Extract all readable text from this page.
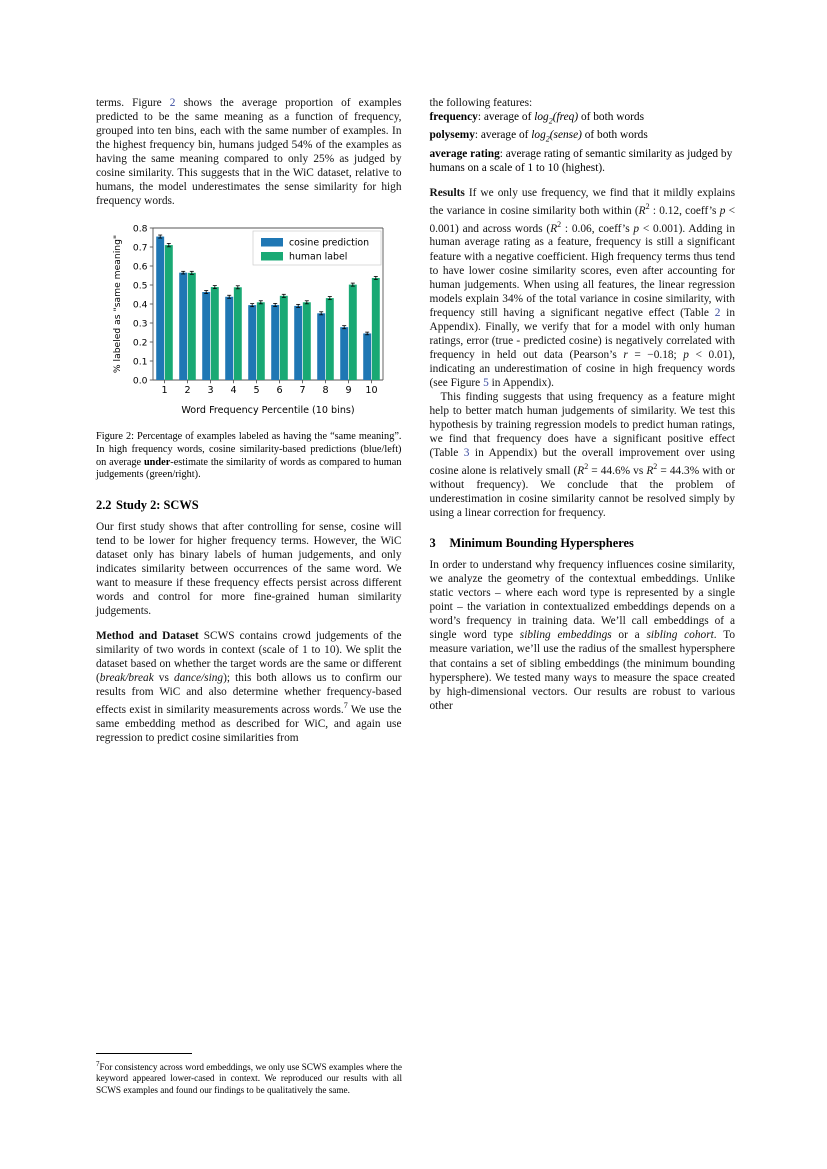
terms. Figure 2 shows the average proportion of examples predicted to be the same meaning as a function of frequency, grouped into ten bins, each with the same number of examples. In the highest frequency bin, humans judged 54% of the examples as having the same meaning compared to only 25% as judged by cosine similarity. This suggests that in the WiC dataset, relative to humans, the model underestimates the sense similarity for high frequency words.

0.0
0.1
0.2
0.3
0.4
0.5
0.6
0.7
0.8
% labeled as "same meaning"
1 2 3 4 5 6 7 8 9 10
Word Frequency Percentile (10 bins)
cosine prediction
human label
Figure 2: Percentage of examples labeled as having the “same meaning”. In high frequency words, cosine similarity-based predictions (blue/left) on average under-estimate the similarity of words as compared to human judgements (green/right).
2.2 Study 2: SCWS

Our first study shows that after controlling for sense, cosine will tend to be lower for higher frequency terms. However, the WiC dataset only has binary labels of human judgements, and only indicates similarity between occurrences of the same word. We want to measure if these frequency effects persist across different words and control for more fine-grained human similarity judgements.

Method and Dataset SCWS contains crowd judgements of the similarity of two words in context (scale of 1 to 10). We split the dataset based on whether the target words are the same or different (break/break vs dance/sing); this both allows us to confirm our results from WiC and also determine whether frequency-based effects exist in similarity measurements across words.$^7$ We use the same embedding method as described for WiC, and again use regression to predict cosine similarities from

$^7$For consistency across word embeddings, we only use SCWS examples where the keyword appeared lower-cased in context. We reproduced our results with all SCWS examples and found our findings to be qualitatively the same.
the following features:
frequency: average of $\log_2(freq)$ of both words
polysemy: average of $\log_2(sense)$ of both words
average rating: average rating of semantic similarity as judged by humans on a scale of 1 to 10 (highest).

Results If we only use frequency, we find that it mildly explains the variance in cosine similarity both within ($R^2$ : 0.12, coeff’s p < 0.001) and across words ($R^2$ : 0.06, coeff’s p < 0.001). Adding in human average rating as a feature, frequency is still a significant feature with a negative coefficient. High frequency terms thus tend to have lower cosine similarity scores, even after accounting for human judgements. When using all features, the linear regression models explain 34% of the total variance in cosine similarity, with frequency still having a significant negative effect (Table 2 in Appendix). Finally, we verify that for a model with only human ratings, error (true - predicted cosine) is negatively correlated with frequency in held out data (Pearson’s r = −0.18; p < 0.01), indicating an underestimation of cosine in high frequency words (see Figure 5 in Appendix).

This finding suggests that using frequency as a feature might help to better match human judgements of similarity. We test this hypothesis by training regression models to predict human ratings, we find that frequency does have a significant positive effect (Table 3 in Appendix) but the overall improvement over using cosine alone is relatively small ($R^2 = 44.6\%$ vs $R^2 = 44.3\%$ with or without frequency). We conclude that the problem of underestimation in cosine similarity cannot be resolved simply by using a linear correction for frequency.

3 Minimum Bounding Hyperspheres

In order to understand why frequency influences cosine similarity, we analyze the geometry of the contextual embeddings. Unlike static vectors – where each word type is represented by a single point – the variation in contextualized embeddings depends on a word’s frequency in training data. We’ll call embeddings of a single word type sibling embeddings or a sibling cohort. To measure variation, we’ll use the radius of the smallest hypersphere that contains a set of sibling embeddings (the minimum bounding hypersphere). We tested many ways to measure the space created by high-dimensional vectors. Our results are robust to various other
